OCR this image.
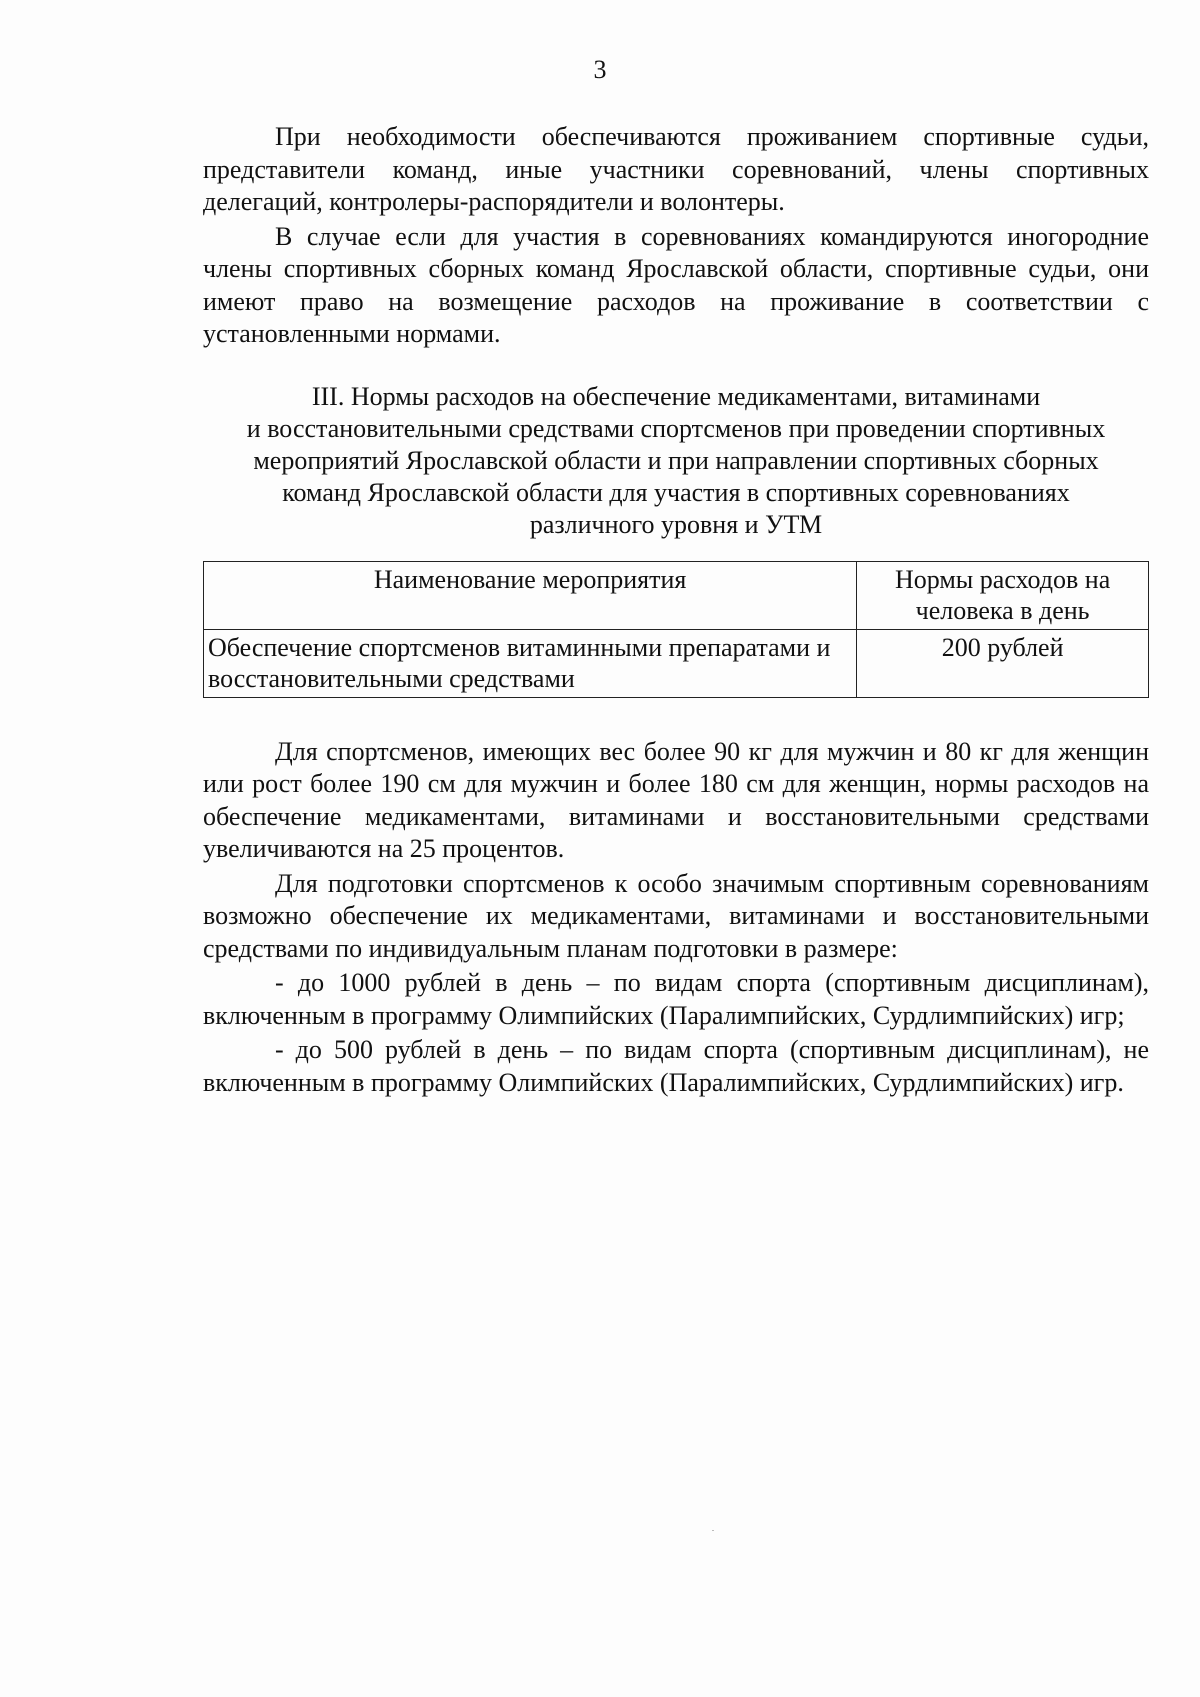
3

При необходимости обеспечиваются проживанием спортивные судьи, представители команд, иные участники соревнований, члены спортивных делегаций, контролеры-распорядители и волонтеры.

В случае если для участия в соревнованиях командируются иногородние члены спортивных сборных команд Ярославской области, спортивные судьи, они имеют право на возмещение расходов на проживание в соответствии с установленными нормами.

III. Нормы расходов на обеспечение медикаментами, витаминами
и восстановительными средствами спортсменов при проведении спортивных
мероприятий Ярославской области и при направлении спортивных сборных
команд Ярославской области для участия в спортивных соревнованиях
различного уровня и УТМ
Наименование мероприятия	Нормы расходов на человека в день
Обеспечение спортсменов витаминными препаратами и восстановительными средствами	200 рублей

Для спортсменов, имеющих вес более 90 кг для мужчин и 80 кг для женщин или рост более 190 см для мужчин и более 180 см для женщин, нормы расходов на обеспечение медикаментами, витаминами и восстановительными средствами увеличиваются на 25 процентов.

Для подготовки спортсменов к особо значимым спортивным соревнованиям возможно обеспечение их медикаментами, витаминами и восстановительными средствами по индивидуальным планам подготовки в размере:

- до 1000 рублей в день – по видам спорта (спортивным дисциплинам), включенным в программу Олимпийских (Паралимпийских, Сурдлимпийских) игр;

- до 500 рублей в день – по видам спорта (спортивным дисциплинам), не включенным в программу Олимпийских (Паралимпийских, Сурдлимпийских) игр.
